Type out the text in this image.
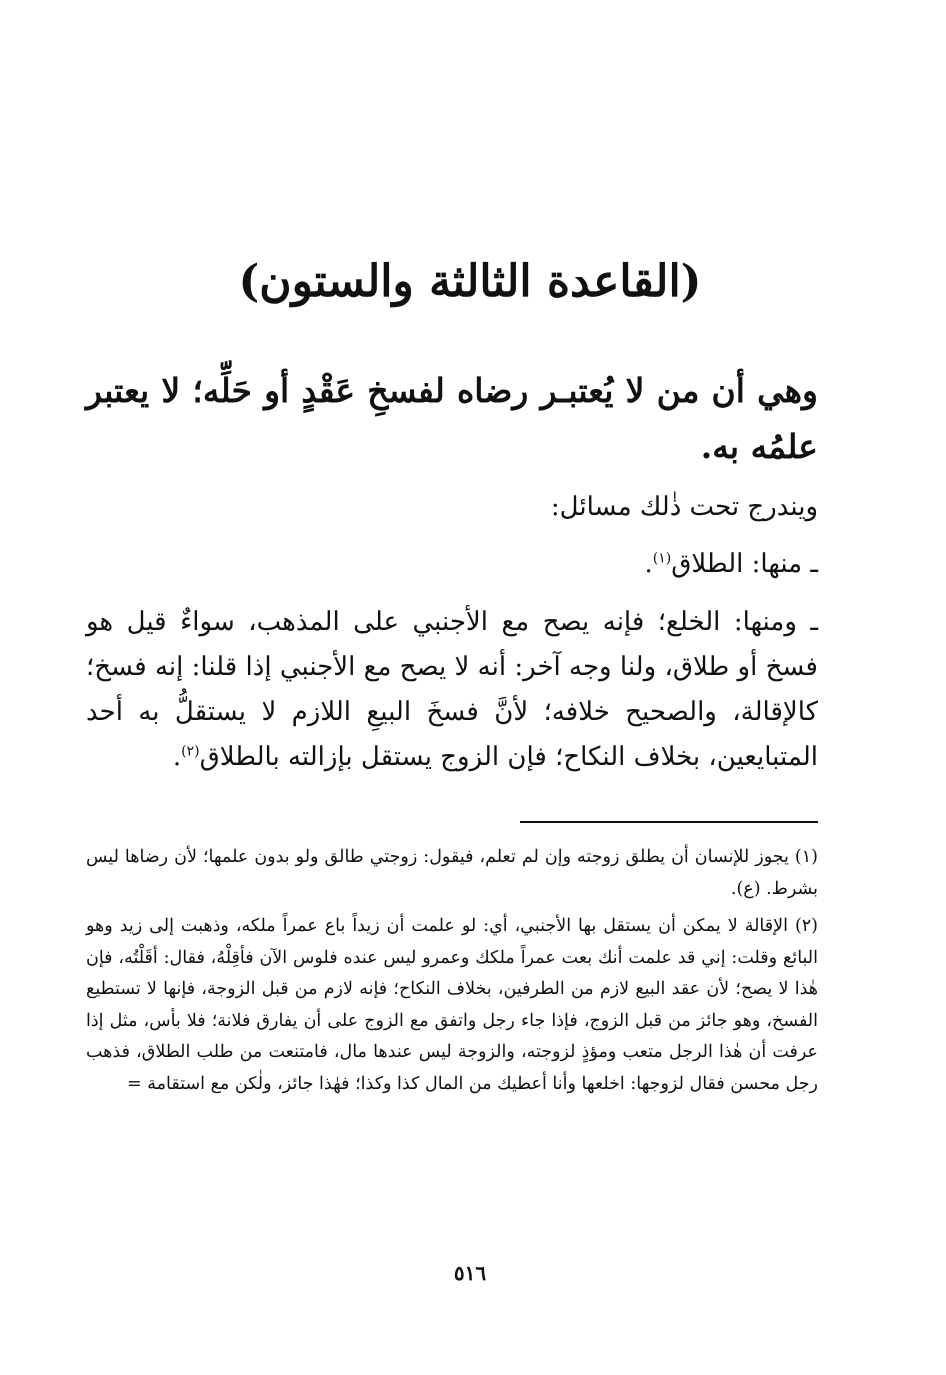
(القاعدة الثالثة والستون)
وهي أن من لا يُعتبـر رضاه لفسخِ عَقْدٍ أو حَلِّه؛ لا يعتبر علمُه به.
ويندرج تحت ذٰلك مسائل:
ـ منها: الطلاق$^{(١)}$.
ـ ومنها: الخلع؛ فإنه يصح مع الأجنبي على المذهب، سواءٌ قيل هو فسخ أو طلاق، ولنا وجه آخر: أنه لا يصح مع الأجنبي إذا قلنا: إنه فسخ؛ كالإقالة، والصحيح خلافه؛ لأنَّ فسخَ البيعِ اللازم لا يستقلُّ به أحد المتبايعين، بخلاف النكاح؛ فإن الزوج يستقل بإزالته بالطلاق$^{(٢)}$.

(١) يجوز للإنسان أن يطلق زوجته وإن لم تعلم، فيقول: زوجتي طالق ولو بدون علمها؛ لأن رضاها ليس بشرط. (ع).

(٢) الإقالة لا يمكن أن يستقل بها الأجنبي، أي: لو علمت أن زيداً باع عمراً ملكه، وذهبت إلى زيد وهو البائع وقلت: إني قد علمت أنك بعت عمراً ملكك وعمرو ليس عنده فلوس الآن فأقِلْهُ، فقال: أقَلْتُه، فإن هٰذا لا يصح؛ لأن عقد البيع لازم من الطرفين، بخلاف النكاح؛ فإنه لازم من قبل الزوجة، فإنها لا تستطيع الفسخ، وهو جائز من قبل الزوج، فإذا جاء رجل واتفق مع الزوج على أن يفارق فلانة؛ فلا بأس، مثل إذا عرفت أن هٰذا الرجل متعب ومؤذٍ لزوجته، والزوجة ليس عندها مال، فامتنعت من طلب الطلاق، فذهب رجل محسن فقال لزوجها: اخلعها وأنا أعطيك من المال كذا وكذا؛ فهٰذا جائز، ولٰكن مع استقامة =

٥١٦
